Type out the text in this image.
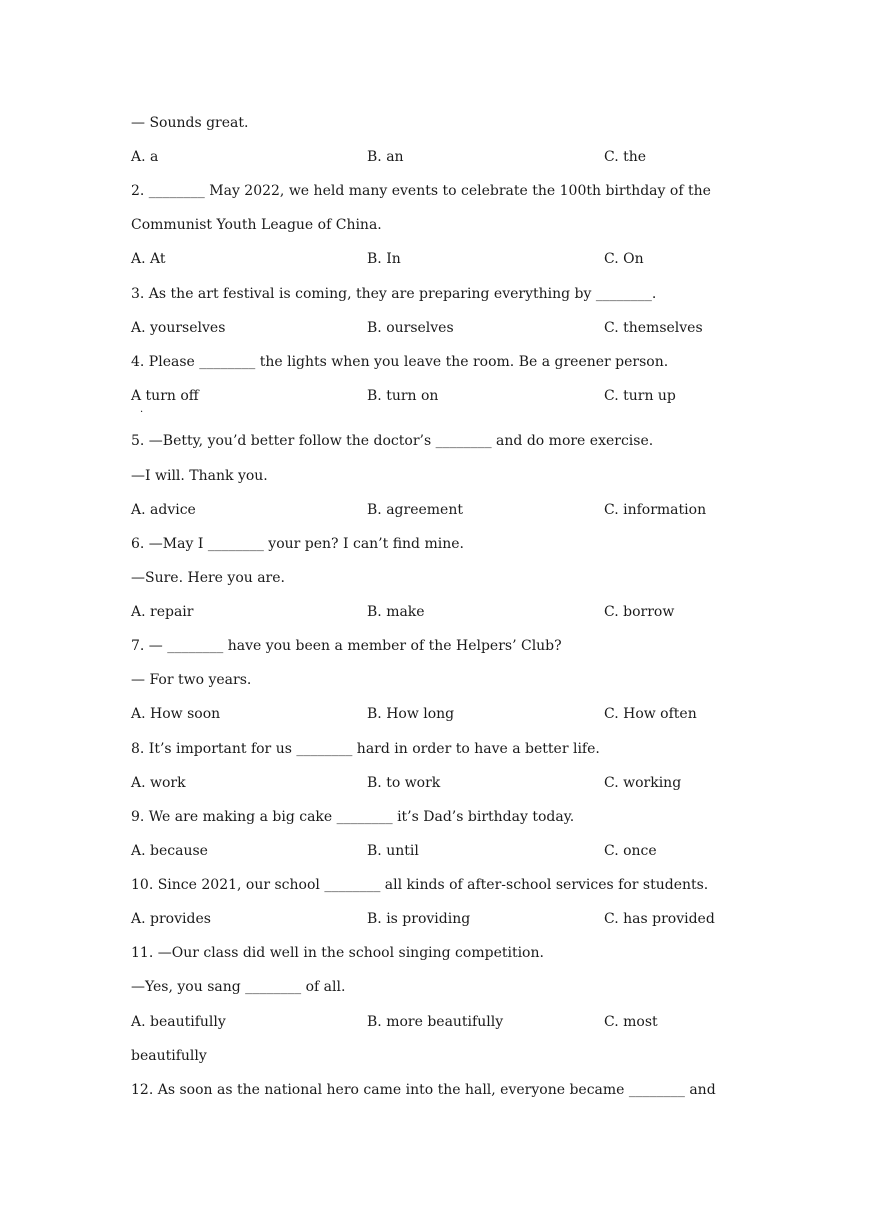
— Sounds great.
A. a	B. an	C. the
2. ________ May 2022, we held many events to celebrate the 100th birthday of the
Communist Youth League of China.
A. At	B. In	C. On
3. As the art festival is coming, they are preparing everything by ________.
A. yourselves	B. ourselves	C. themselves
4. Please ________ the lights when you leave the room. Be a greener person.
A turn off	B. turn on	C. turn up
·
5. —Betty, you’d better follow the doctor’s ________ and do more exercise.
—I will. Thank you.
A. advice	B. agreement	C. information
6. —May I ________ your pen? I can’t find mine.
—Sure. Here you are.
A. repair	B. make	C. borrow
7. — ________ have you been a member of the Helpers’ Club?
— For two years.
A. How soon	B. How long	C. How often
8. It’s important for us ________ hard in order to have a better life.
A. work	B. to work	C. working
9. We are making a big cake ________ it’s Dad’s birthday today.
A. because	B. until	C. once
10. Since 2021, our school ________ all kinds of after-school services for students.
A. provides	B. is providing	C. has provided
11. —Our class did well in the school singing competition.
—Yes, you sang ________ of all.
A. beautifully	B. more beautifully	C. most
beautifully
12. As soon as the national hero came into the hall, everyone became ________ and
